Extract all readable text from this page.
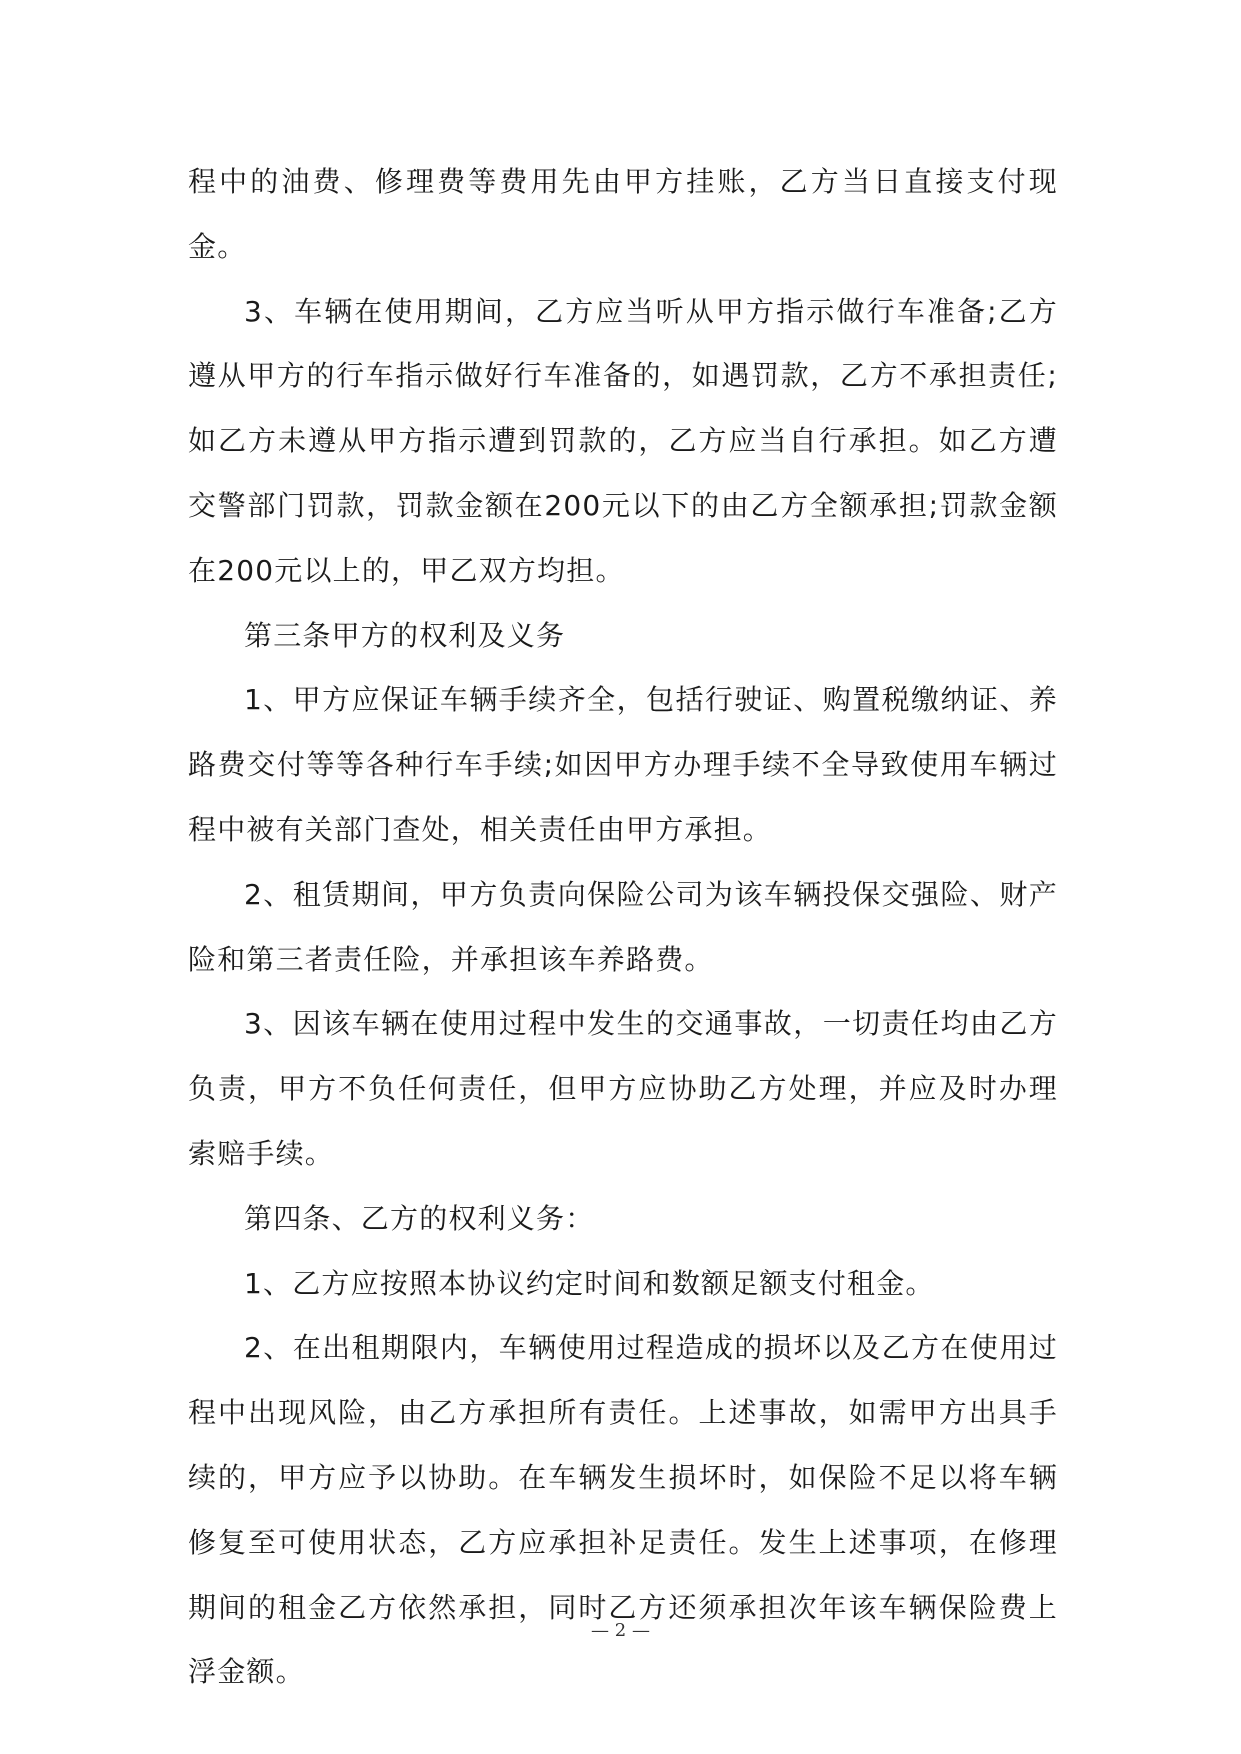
程中的油费、修理费等费用先由甲方挂账，乙方当日直接支付现金。

3、车辆在使用期间，乙方应当听从甲方指示做行车准备;乙方遵从甲方的行车指示做好行车准备的，如遇罚款，乙方不承担责任;如乙方未遵从甲方指示遭到罚款的，乙方应当自行承担。如乙方遭交警部门罚款，罚款金额在200元以下的由乙方全额承担;罚款金额在200元以上的，甲乙双方均担。

第三条甲方的权利及义务

1、甲方应保证车辆手续齐全，包括行驶证、购置税缴纳证、养路费交付等等各种行车手续;如因甲方办理手续不全导致使用车辆过程中被有关部门查处，相关责任由甲方承担。

2、租赁期间，甲方负责向保险公司为该车辆投保交强险、财产险和第三者责任险，并承担该车养路费。

3、因该车辆在使用过程中发生的交通事故，一切责任均由乙方负责，甲方不负任何责任，但甲方应协助乙方处理，并应及时办理索赔手续。

第四条、乙方的权利义务：

1、乙方应按照本协议约定时间和数额足额支付租金。

2、在出租期限内，车辆使用过程造成的损坏以及乙方在使用过程中出现风险，由乙方承担所有责任。上述事故，如需甲方出具手续的，甲方应予以协助。在车辆发生损坏时，如保险不足以将车辆修复至可使用状态，乙方应承担补足责任。发生上述事项，在修理期间的租金乙方依然承担，同时乙方还须承担次年该车辆保险费上浮金额。

— 2 —
